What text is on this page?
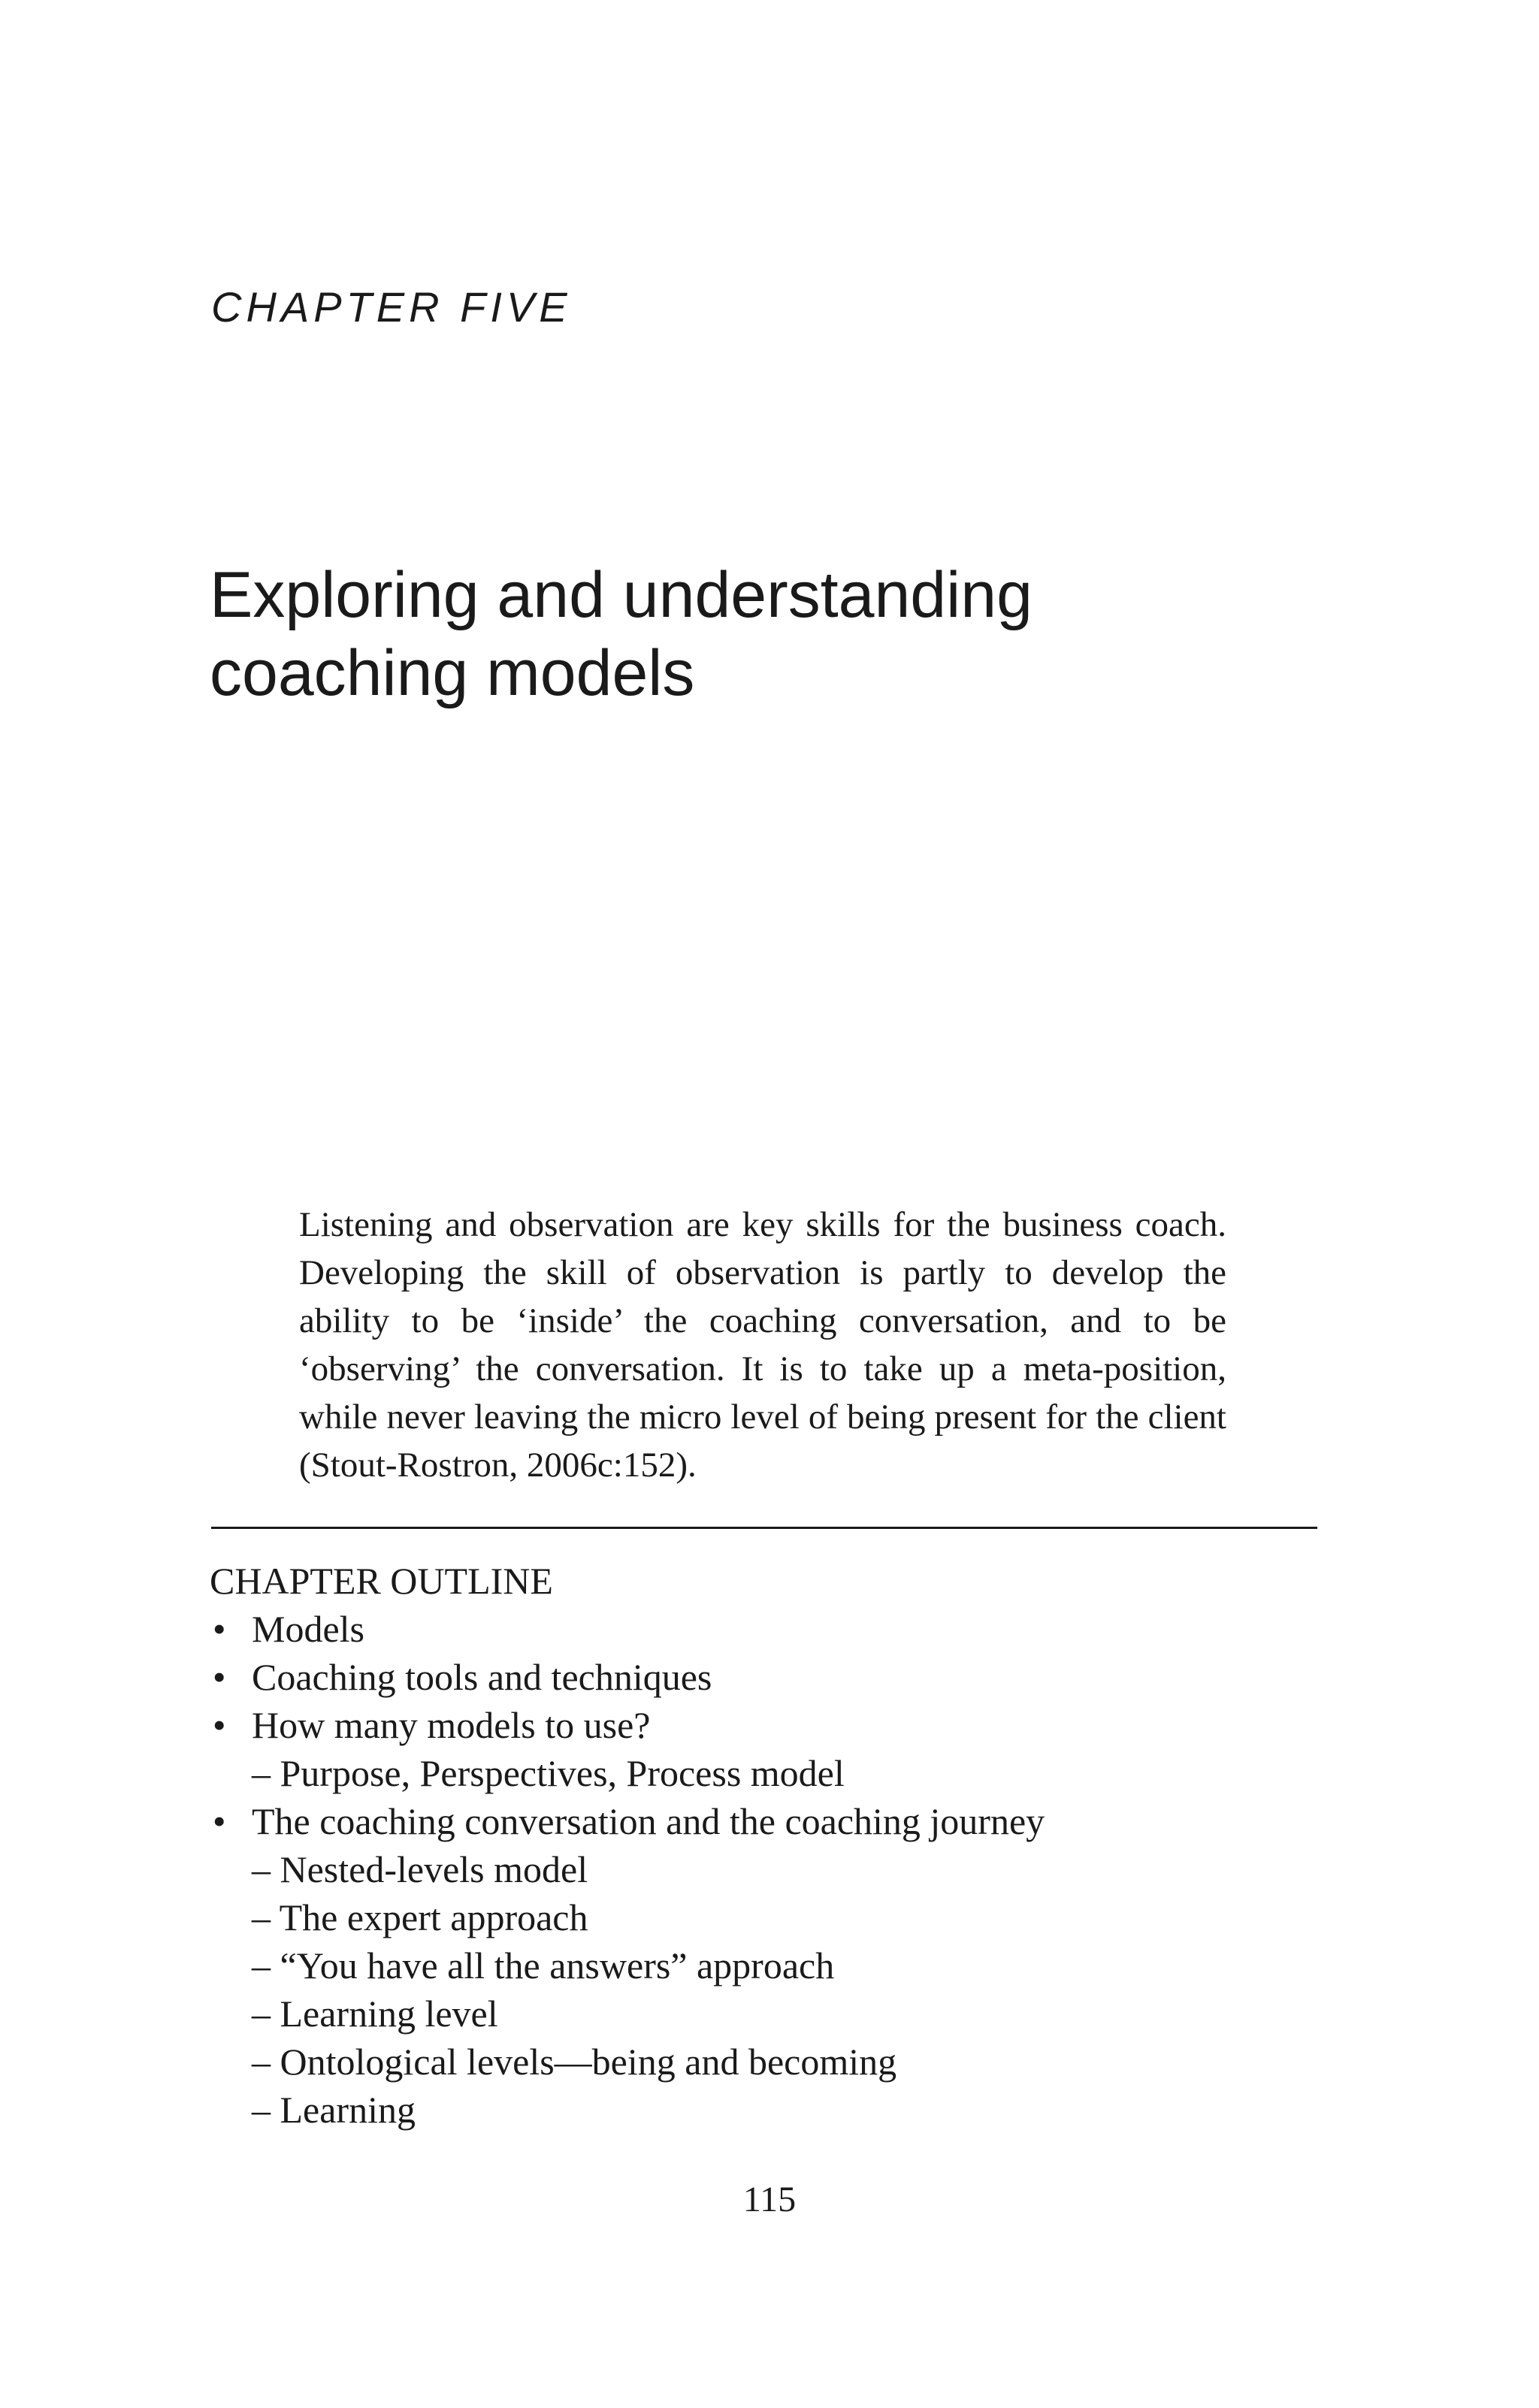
CHAPTER FIVE
Exploring and understanding
coaching models

Listening and observation are key skills for the business coach. Developing the skill of observation is partly to develop the ability to be ‘inside’ the coaching conversation, and to be ‘observing’ the conversation. It is to take up a meta-position, while never leaving the micro level of being present for the client (Stout-Rostron, 2006c:152).

CHAPTER OUTLINE
• Models
• Coaching tools and techniques
• How many models to use?
– Purpose, Perspectives, Process model
• The coaching conversation and the coaching journey
– Nested-levels model
– The expert approach
– “You have all the answers” approach
– Learning level
– Ontological levels—being and becoming
– Learning
115
